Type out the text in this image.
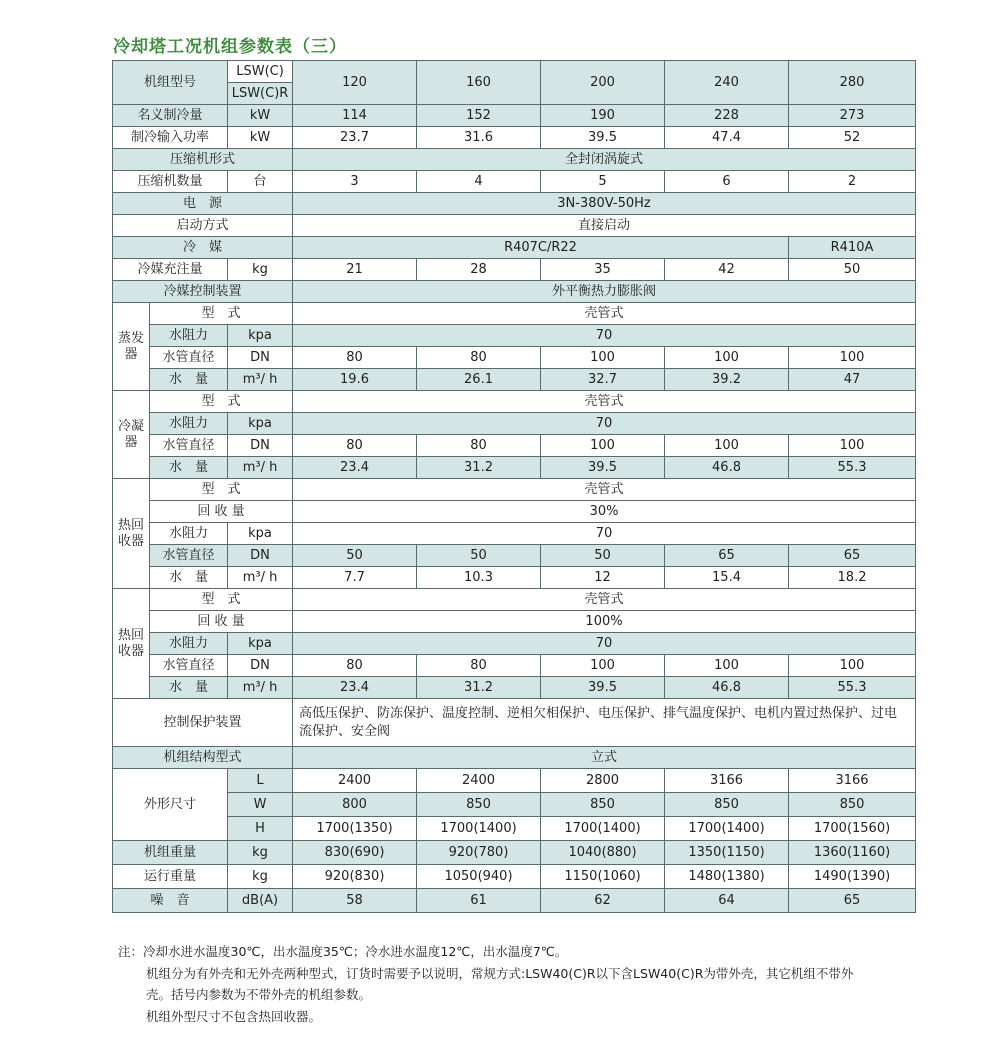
冷却塔工况机组参数表（三）
机组型号		LSW(C)	120	160	200	240	280
		LSW(C)R					
名义制冷量		kW	114	152	190	228	273
制冷输入功率		kW	23.7	31.6	39.5	47.4	52
压缩机形式			全封闭涡旋式				
压缩机数量		台	3	4	5	6	2
电　源			3N-380V-50Hz				
启动方式			直接启动				
冷　媒			R407C/R22				R410A
冷媒充注量		kg	21	28	35	42	50
冷媒控制装置			外平衡热力膨胀阀				
蒸发器	型　式		壳管式				
	水阻力	kpa	70				
	水管直径	DN	80	80	100	100	100
	水　量	m³/ h	19.6	26.1	32.7	39.2	47
冷凝器	型　式		壳管式				
	水阻力	kpa	70				
	水管直径	DN	80	80	100	100	100
	水　量	m³/ h	23.4	31.2	39.5	46.8	55.3
热回收器	型　式		壳管式				
	回 收 量		30%				
	水阻力	kpa	70				
	水管直径	DN	50	50	50	65	65
	水　量	m³/ h	7.7	10.3	12	15.4	18.2
热回收器	型　式		壳管式				
	回 收 量		100%				
	水阻力	kpa	70				
	水管直径	DN	80	80	100	100	100
	水　量	m³/ h	23.4	31.2	39.5	46.8	55.3
控制保护装置			高低压保护、防冻保护、温度控制、逆相欠相保护、电压保护、排气温度保护、电机内置过热保护、过电流保护、安全阀				
机组结构型式			立式				
外形尺寸		L	2400	2400	2800	3166	3166
		W	800	850	850	850	850
		H	1700(1350)	1700(1400)	1700(1400)	1700(1400)	1700(1560)
机组重量		kg	830(690)	920(780)	1040(880)	1350(1150)	1360(1160)
运行重量		kg	920(830)	1050(940)	1150(1060)	1480(1380)	1490(1390)
噪　音		dB(A)	58	61	62	64	65

注：冷却水进水温度30℃，出水温度35℃；冷水进水温度12℃，出水温度7℃。

机组分为有外壳和无外壳两种型式，订货时需要予以说明，常规方式:LSW40(C)R以下含LSW40(C)R为带外壳，其它机组不带外

壳。括号内参数为不带外壳的机组参数。

机组外型尺寸不包含热回收器。
